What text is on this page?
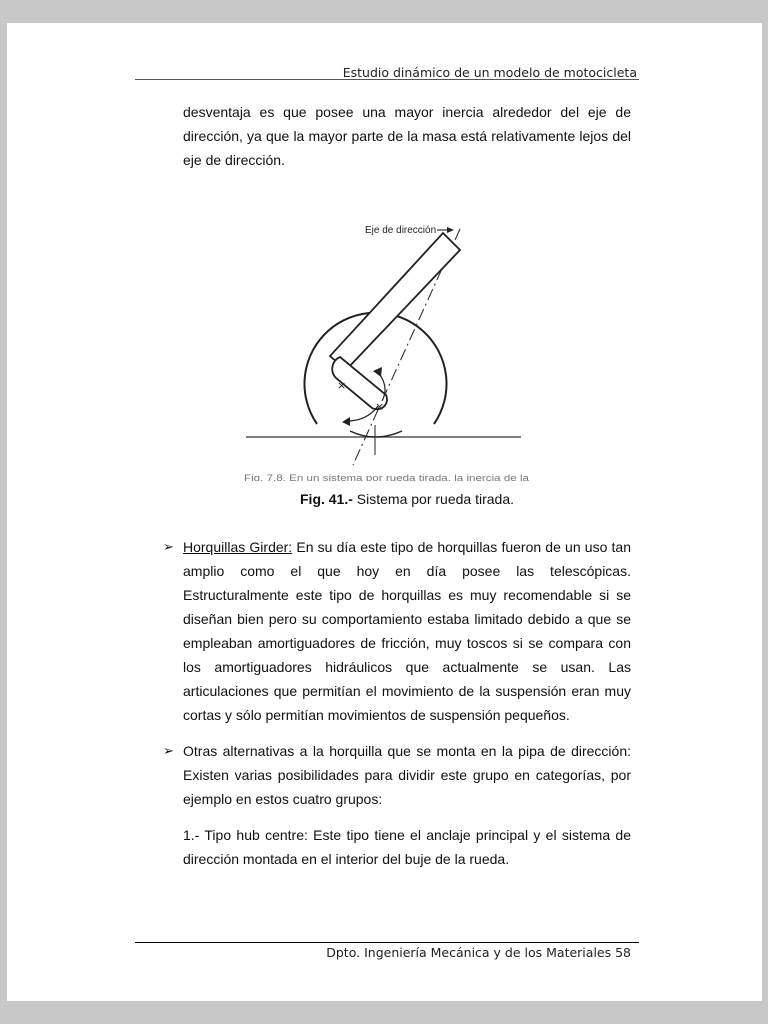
Estudio dinámico de un modelo de motocicleta

desventaja es que posee una mayor inercia alrededor del eje de dirección, ya que la mayor parte de la masa está relativamente lejos del eje de dirección.

×
×
Eje de dirección
Fig. 7.8. En un sistema por rueda tirada, la inercia de la
Fig. 41.- Sistema por rueda tirada.
➢ Horquillas Girder: En su día este tipo de horquillas fueron de un uso tan amplio como el que hoy en día posee las telescópicas. Estructuralmente este tipo de horquillas es muy recomendable si se diseñan bien pero su comportamiento estaba limitado debido a que se empleaban amortiguadores de fricción, muy toscos si se compara con los amortiguadores hidráulicos que actualmente se usan. Las articulaciones que permitían el movimiento de la suspensión eran muy cortas y sólo permitían movimientos de suspensión pequeños.

➢ Otras alternativas a la horquilla que se monta en la pipa de dirección: Existen varias posibilidades para dividir este grupo en categorías, por ejemplo en estos cuatro grupos:

1.- Tipo hub centre: Este tipo tiene el anclaje principal y el sistema de dirección montada en el interior del buje de la rueda.

Dpto. Ingeniería Mecánica y de los Materiales 58
